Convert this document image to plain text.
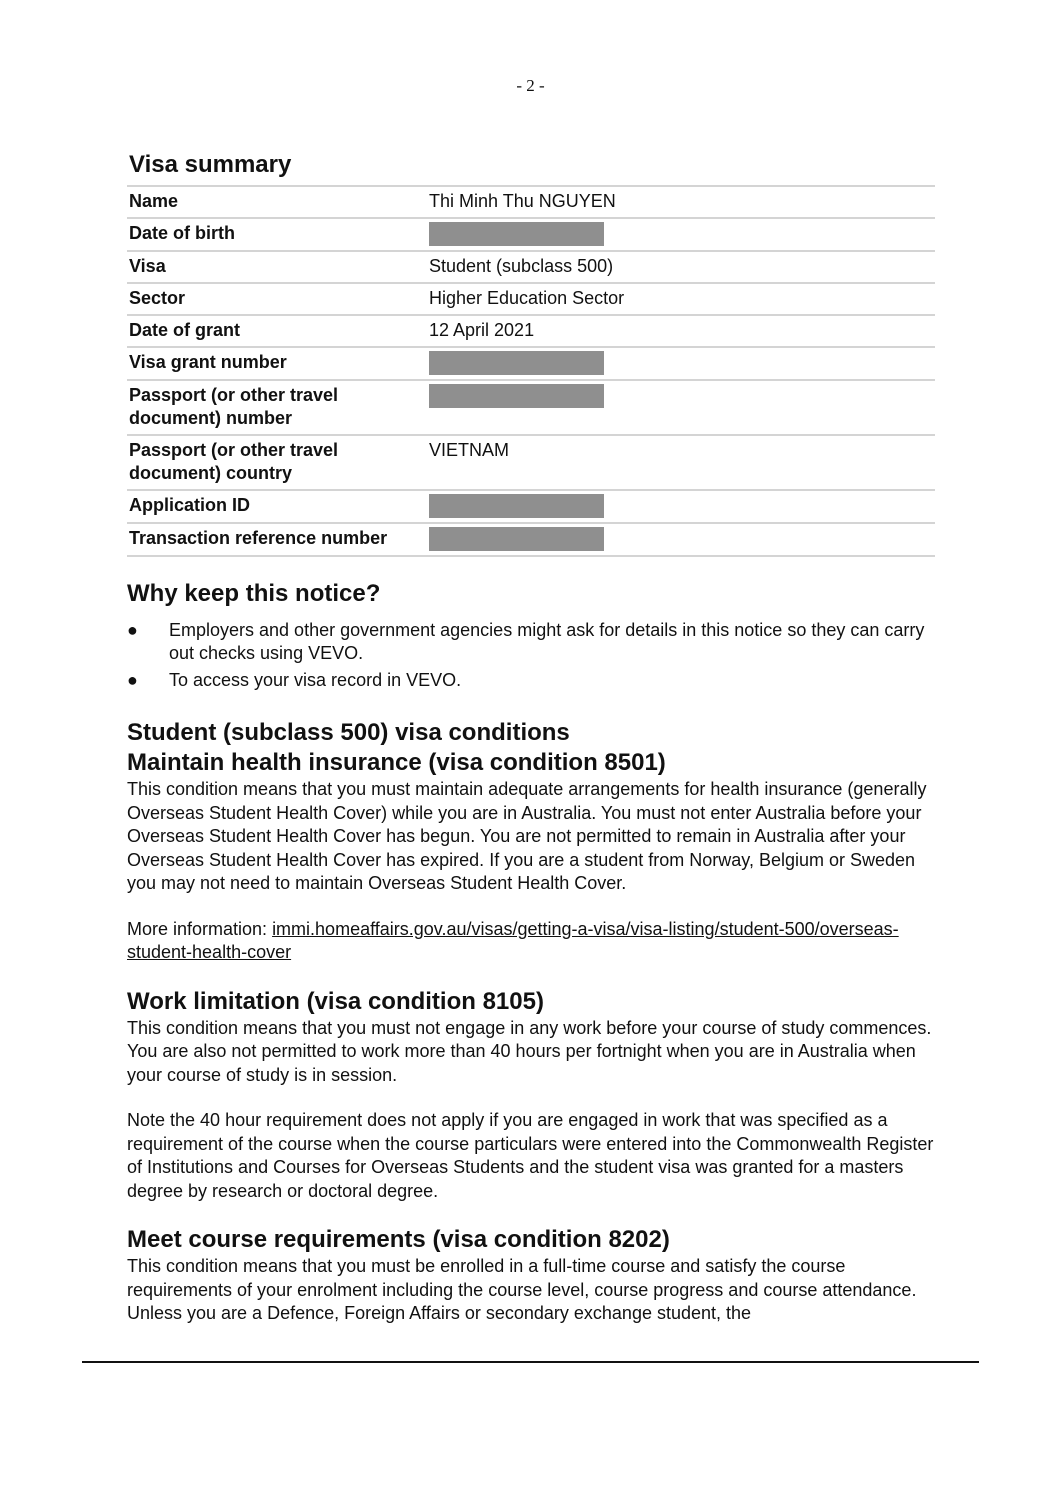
- 2 -
Visa summary
Name	Thi Minh Thu NGUYEN
Date of birth	

Visa	Student (subclass 500)
Sector	Higher Education Sector
Date of grant	12 April 2021
Visa grant number	

Passport (or other travel document) number	

Passport (or other travel document) country	VIETNAM
Application ID	

Transaction reference number	
Why keep this notice?
● Employers and other government agencies might ask for details in this notice so they can carry out checks using VEVO.
● To access your visa record in VEVO.
Student (subclass 500) visa conditions
Maintain health insurance (visa condition 8501)

This condition means that you must maintain adequate arrangements for health insurance (generally Overseas Student Health Cover) while you are in Australia. You must not enter Australia before your Overseas Student Health Cover has begun. You are not permitted to remain in Australia after your Overseas Student Health Cover has expired. If you are a student from Norway, Belgium or Sweden you may not need to maintain Overseas Student Health Cover.

More information: immi.homeaffairs.gov.au/visas/getting-a-visa/visa-listing/student-500/overseas-student-health-cover

Work limitation (visa condition 8105)

This condition means that you must not engage in any work before your course of study commences. You are also not permitted to work more than 40 hours per fortnight when you are in Australia when your course of study is in session.

Note the 40 hour requirement does not apply if you are engaged in work that was specified as a requirement of the course when the course particulars were entered into the Commonwealth Register of Institutions and Courses for Overseas Students and the student visa was granted for a masters degree by research or doctoral degree.

Meet course requirements (visa condition 8202)

This condition means that you must be enrolled in a full-time course and satisfy the course requirements of your enrolment including the course level, course progress and course attendance. Unless you are a Defence, Foreign Affairs or secondary exchange student, the
